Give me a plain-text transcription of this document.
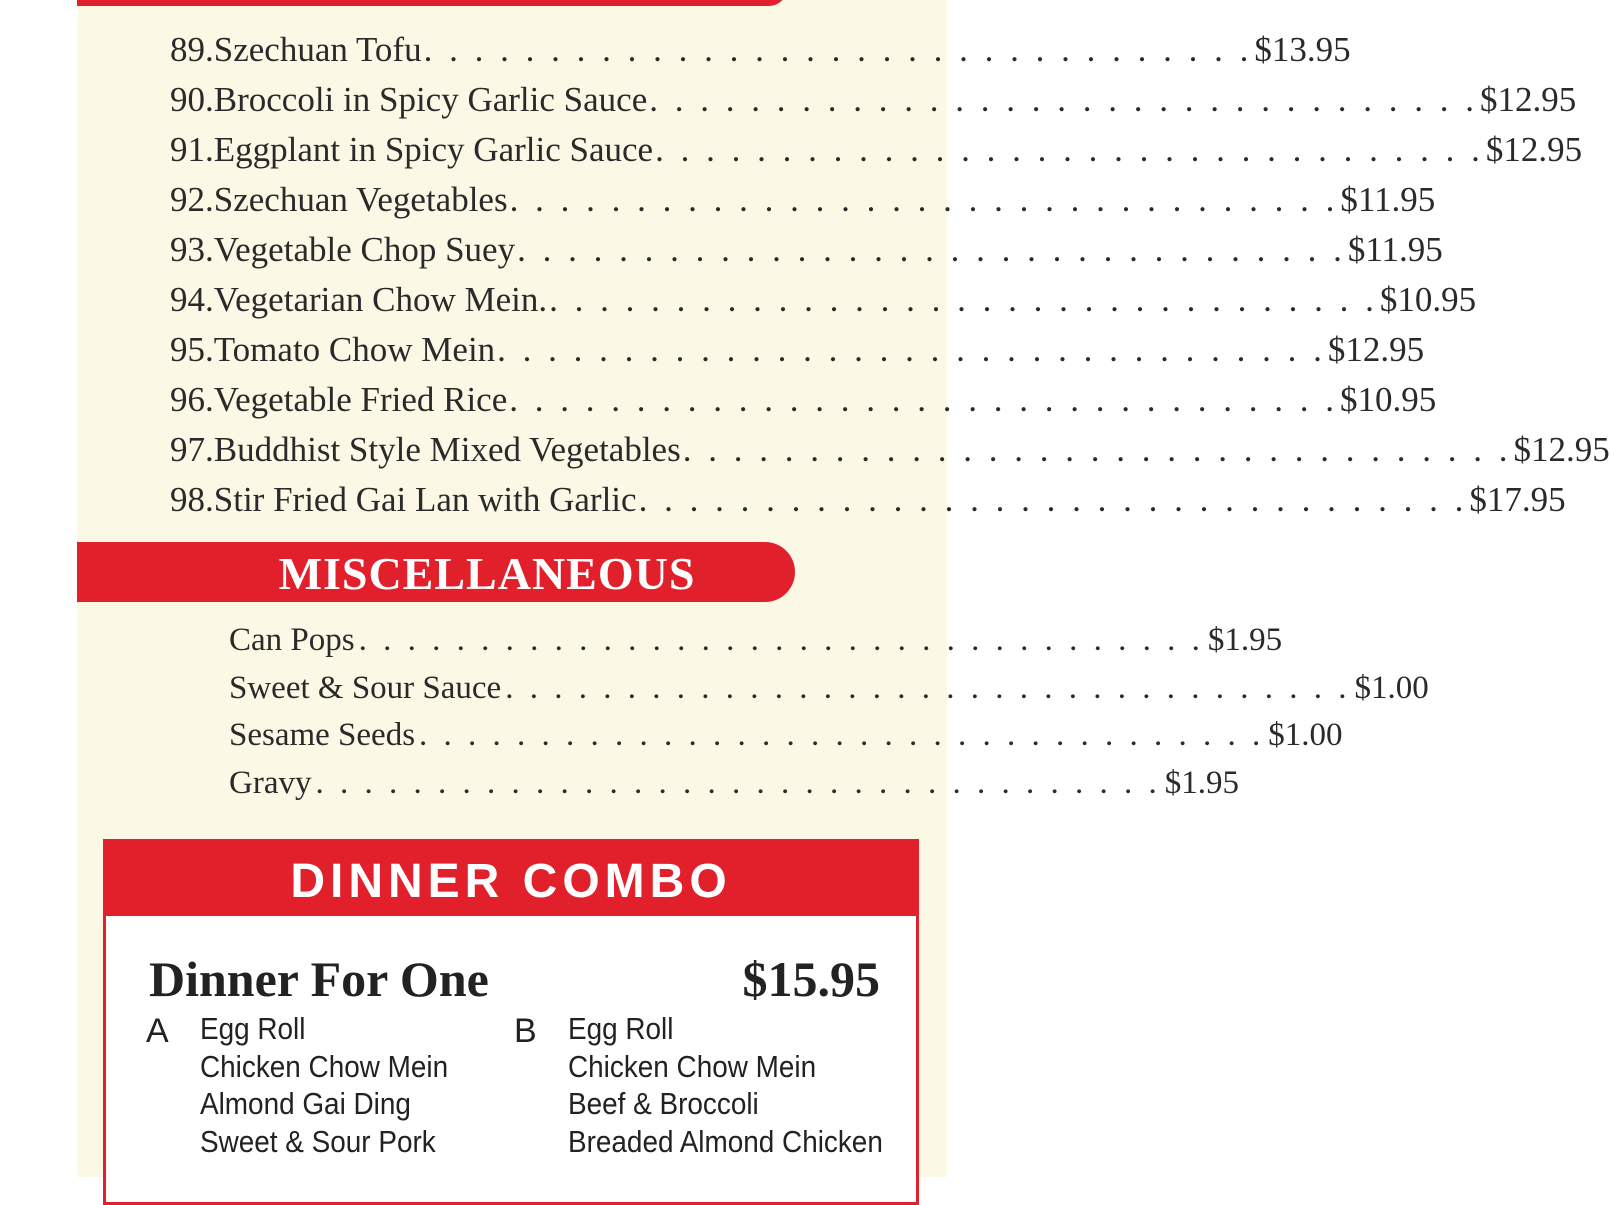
89. Szechuan Tofu . . . . . . . . . . . . . . . . . . . . . . . . . . . . . . . . . $13.95
90. Broccoli in Spicy Garlic Sauce . . . . . . . . . . . . . . . . . . . . . . . . . . . . . . . . . $12.95
91. Eggplant in Spicy Garlic Sauce . . . . . . . . . . . . . . . . . . . . . . . . . . . . . . . . . $12.95
92. Szechuan Vegetables . . . . . . . . . . . . . . . . . . . . . . . . . . . . . . . . . $11.95
93. Vegetable Chop Suey . . . . . . . . . . . . . . . . . . . . . . . . . . . . . . . . . $11.95
94. Vegetarian Chow Mein. . . . . . . . . . . . . . . . . . . . . . . . . . . . . . . . . . $10.95
95. Tomato Chow Mein . . . . . . . . . . . . . . . . . . . . . . . . . . . . . . . . . $12.95
96. Vegetable Fried Rice . . . . . . . . . . . . . . . . . . . . . . . . . . . . . . . . . $10.95
97. Buddhist Style Mixed Vegetables . . . . . . . . . . . . . . . . . . . . . . . . . . . . . . . . . $12.95
98. Stir Fried Gai Lan with Garlic . . . . . . . . . . . . . . . . . . . . . . . . . . . . . . . . . $17.95
MISCELLANEOUS
Can Pops . . . . . . . . . . . . . . . . . . . . . . . . . . . . . . . . . . . $1.95
Sweet & Sour Sauce . . . . . . . . . . . . . . . . . . . . . . . . . . . . . . . . . . . $1.00
Sesame Seeds . . . . . . . . . . . . . . . . . . . . . . . . . . . . . . . . . . . $1.00
Gravy . . . . . . . . . . . . . . . . . . . . . . . . . . . . . . . . . . . $1.95
DINNER COMBO
Dinner For One	$15.95
A Egg Roll
Chicken Chow Mein
Almond Gai Ding
Sweet & Sour Pork
B Egg Roll
Chicken Chow Mein
Beef & Broccoli
Breaded Almond Chicken
